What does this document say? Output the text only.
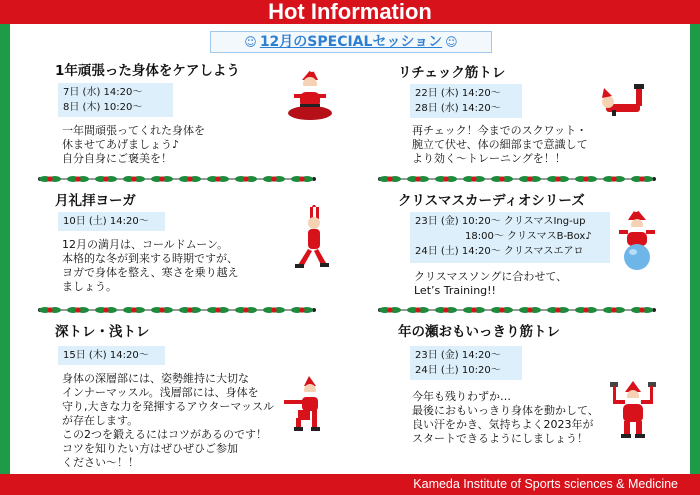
Hot Information
☺ 12月のSPECIALセッション ☺
1年頑張った身体をケアしよう
7日 (水) 14:20～
8日 (木) 10:20～
一年間頑張ってくれた身体を
休ませてあげましょう♪
自分自身にご褒美を！
リチェック筋トレ
22日 (木) 14:20～
28日 (水) 14:20～
再チェック！今までのスクワット・
腕立て伏せ、体の細部まで意識して
より効く～トレーニングを！！
月礼拝ヨーガ
10日 (土) 14:20～
12月の満月は、コールドムーン。
本格的な冬が到来する時期ですが、
ヨガで身体を整え、寒さを乗り越え
ましょう。
クリスマスカーディオシリーズ
23日 (金) 10:20～ クリスマスIng-up
18:00～ クリスマスB-Box♪
24日 (土) 14:20～ クリスマスエアロ
クリスマスソングに合わせて、
Let’s Training!!
深トレ・浅トレ
15日 (木) 14:20～
身体の深層部には、姿勢維持に大切な
インナーマッスル。浅層部には、身体を
守り,大きな力を発揮するアウターマッスル
が存在します。
この2つを鍛えるにはコツがあるのです！
コツを知りたい方はぜひぜひご参加
ください～！！
年の瀬おもいっきり筋トレ
23日 (金) 14:20～
24日 (土) 10:20～
今年も残りわずか…
最後におもいっきり身体を動かして、
良い汗をかき、気持ちよく2023年が
スタートできるようにしましょう！
Kameda Institute of Sports sciences & Medicine
